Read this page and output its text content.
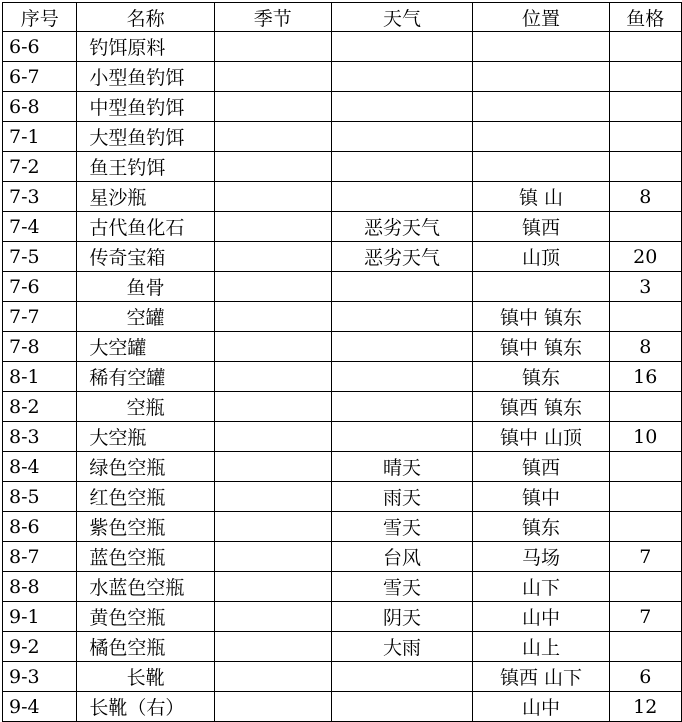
序号	名称	季节	天气	位置	鱼格
6-6	钓饵原料				
6-7	小型鱼钓饵				
6-8	中型鱼钓饵				
7-1	大型鱼钓饵				
7-2	鱼王钓饵				
7-3	星沙瓶			镇 山	8
7-4	古代鱼化石		恶劣天气	镇西	
7-5	传奇宝箱		恶劣天气	山顶	20
7-6	鱼骨				3
7-7	空罐			镇中 镇东	
7-8	大空罐			镇中 镇东	8
8-1	稀有空罐			镇东	16
8-2	空瓶			镇西 镇东	
8-3	大空瓶			镇中 山顶	10
8-4	绿色空瓶		晴天	镇西	
8-5	红色空瓶		雨天	镇中	
8-6	紫色空瓶		雪天	镇东	
8-7	蓝色空瓶		台风	马场	7
8-8	水蓝色空瓶		雪天	山下	
9-1	黄色空瓶		阴天	山中	7
9-2	橘色空瓶		大雨	山上	
9-3	长靴			镇西 山下	6
9-4	长靴（右）			山中	12
